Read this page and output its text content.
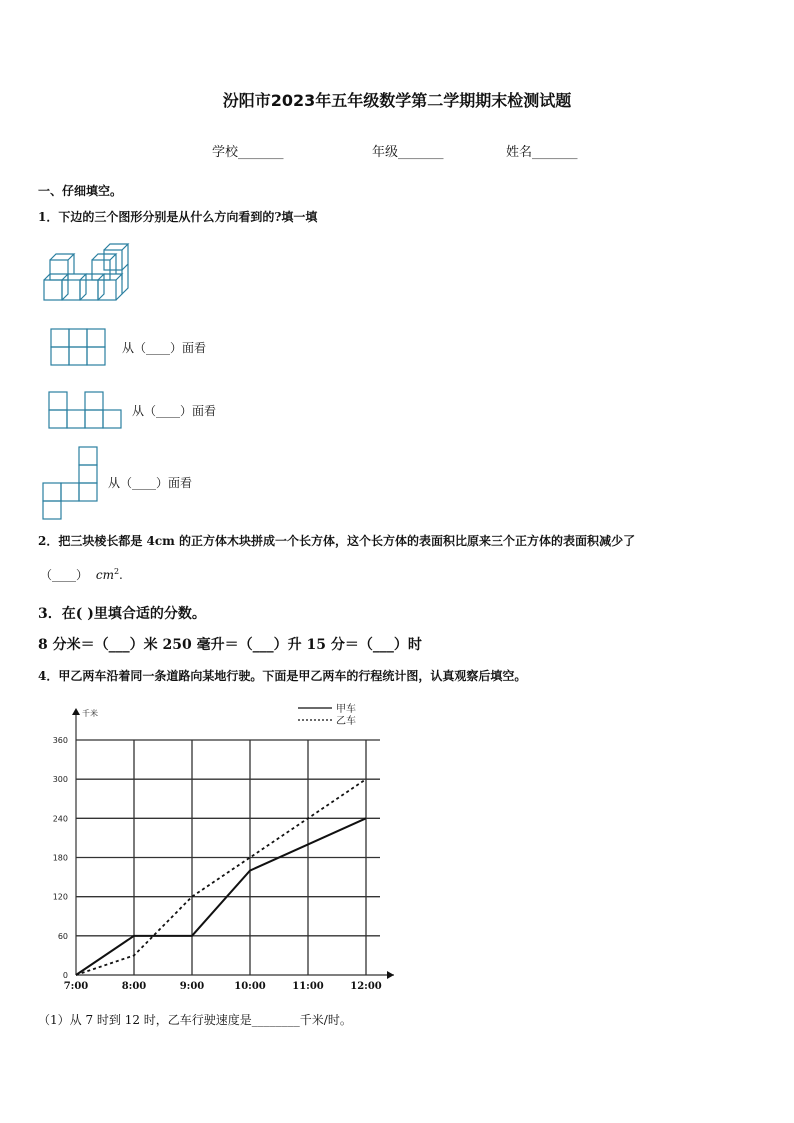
汾阳市2023年五年级数学第二学期期末检测试题
学校_______	年级_______	姓名_______
一、仔细填空。
1．下边的三个图形分别是从什么方向看到的?填一填
从（____）面看
从（____）面看
从（____）面看
2．把三块棱长都是 4cm 的正方体木块拼成一个长方体，这个长方体的表面积比原来三个正方体的表面积减少了
（____） $cm^2$.
3．在( )里填合适的分数。
8 分米＝（___）米 250 毫升＝（___）升 15 分＝（___）时
4．甲乙两车沿着同一条道路向某地行驶。下面是甲乙两车的行程统计图，认真观察后填空。
0
60
120
180
240
300
360
7:00	8:00	9:00	10:00	11:00	12:00
千米	甲车
乙车
（1）从 7 时到 12 时，乙车行驶速度是________千米/时。
